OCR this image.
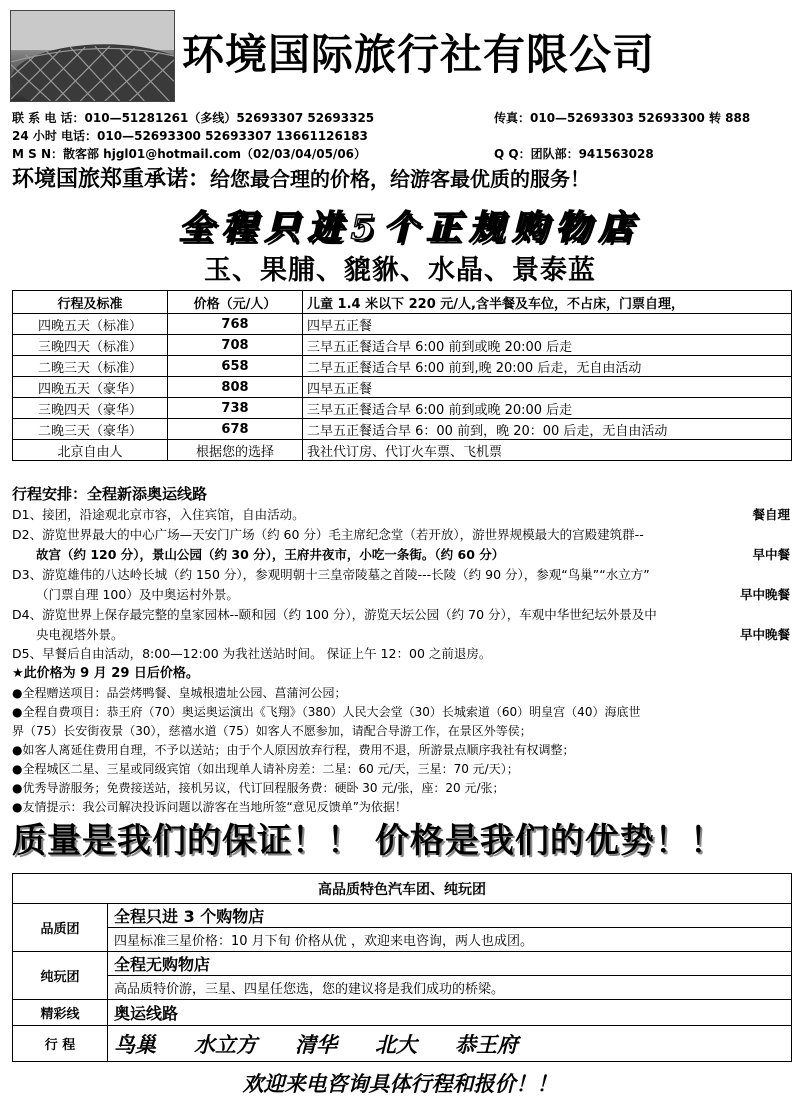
环境国际旅行社有限公司
联 系 电 话：010—51281261（多线）52693307 52693325	传真：010—52693303 52693300 转 888
24 小时 电话：010—52693300 52693307 13661126183
M S N：散客部 hjgl01@hotmail.com（02/03/04/05/06）	Q Q：团队部：941563028
环境国旅郑重承诺：给您最合理的价格，给游客最优质的服务！
全程只进5个正规购物店
玉、果脯、貔貅、水晶、景泰蓝
行程及标准	价格（元/人）	儿童 1.4 米以下 220 元/人,含半餐及车位，不占床，门票自理，
四晚五天（标准）	768	四早五正餐
三晚四天（标准）	708	三早五正餐适合早 6:00 前到或晚 20:00 后走
二晚三天（标准）	658	二早五正餐适合早 6:00 前到,晚 20:00 后走，无自由活动
四晚五天（豪华）	808	四早五正餐
三晚四天（豪华）	738	三早五正餐适合早 6:00 前到或晚 20:00 后走
二晚三天（豪华）	678	二早五正餐适合早 6：00 前到，晚 20：00 后走，无自由活动
北京自由人	根据您的选择	我社代订房、代订火车票、飞机票
行程安排：全程新添奥运线路
D1、接团，沿途观北京市容，入住宾馆，自由活动。	餐自理
D2、游览世界最大的中心广场—天安门广场（约 60 分）毛主席纪念堂（若开放），游世界规模最大的宫殿建筑群--
故宫（约 120 分），景山公园（约 30 分），王府井夜市，小吃一条街。（约 60 分）	早中餐
D3、游览雄伟的八达岭长城（约 150 分），参观明朝十三皇帝陵墓之首陵---长陵（约 90 分），参观“鸟巢”“水立方”
（门票自理 100）及中奥运村外景。	早中晚餐
D4、游览世界上保存最完整的皇家园林--颐和园（约 100 分），游览天坛公园（约 70 分），车观中华世纪坛外景及中
央电视塔外景。	早中晚餐
D5、早餐后自由活动，8:00—12:00 为我社送站时间。 保证上午 12：00 之前退房。
★此价格为 9 月 29 日后价格。
●全程赠送项目：品尝烤鸭餐、皇城根遗址公园、菖蒲河公园；
●全程自费项目：恭王府（70）奥运奥运演出《飞翔》（380）人民大会堂（30）长城索道（60）明皇宫（40）海底世
界（75）长安街夜景（30），慈禧水道（75）如客人不愿参加，请配合导游工作，在景区外等侯；
●如客人离延住费用自理，不予以送站；由于个人原因放弃行程，费用不退，所游景点顺序我社有权调整；
●全程城区二星、三星或同级宾馆（如出现单人请补房差：二星：60 元/天，三星：70 元/天）；
●优秀导游服务；免费接送站，接机另议，代订回程服务费：硬卧 30 元/张，座：20 元/张；
●友情提示：我公司解决投诉问题以游客在当地所签“意见反馈单”为依据！
质量是我们的保证！！ 价格是我们的优势！！
高品质特色汽车团、纯玩团	
品质团	全程只进 3 个购物店
	四星标准三星价格：10 月下旬 价格从优 ，欢迎来电咨询，两人也成团。
纯玩团	全程无购物店
	高品质特价游，三星、四星任您选，您的建议将是我们成功的桥梁。
精彩线	奥运线路
行 程	鸟巢 水立方 清华 北大 恭王府
欢迎来电咨询具体行程和报价！！
